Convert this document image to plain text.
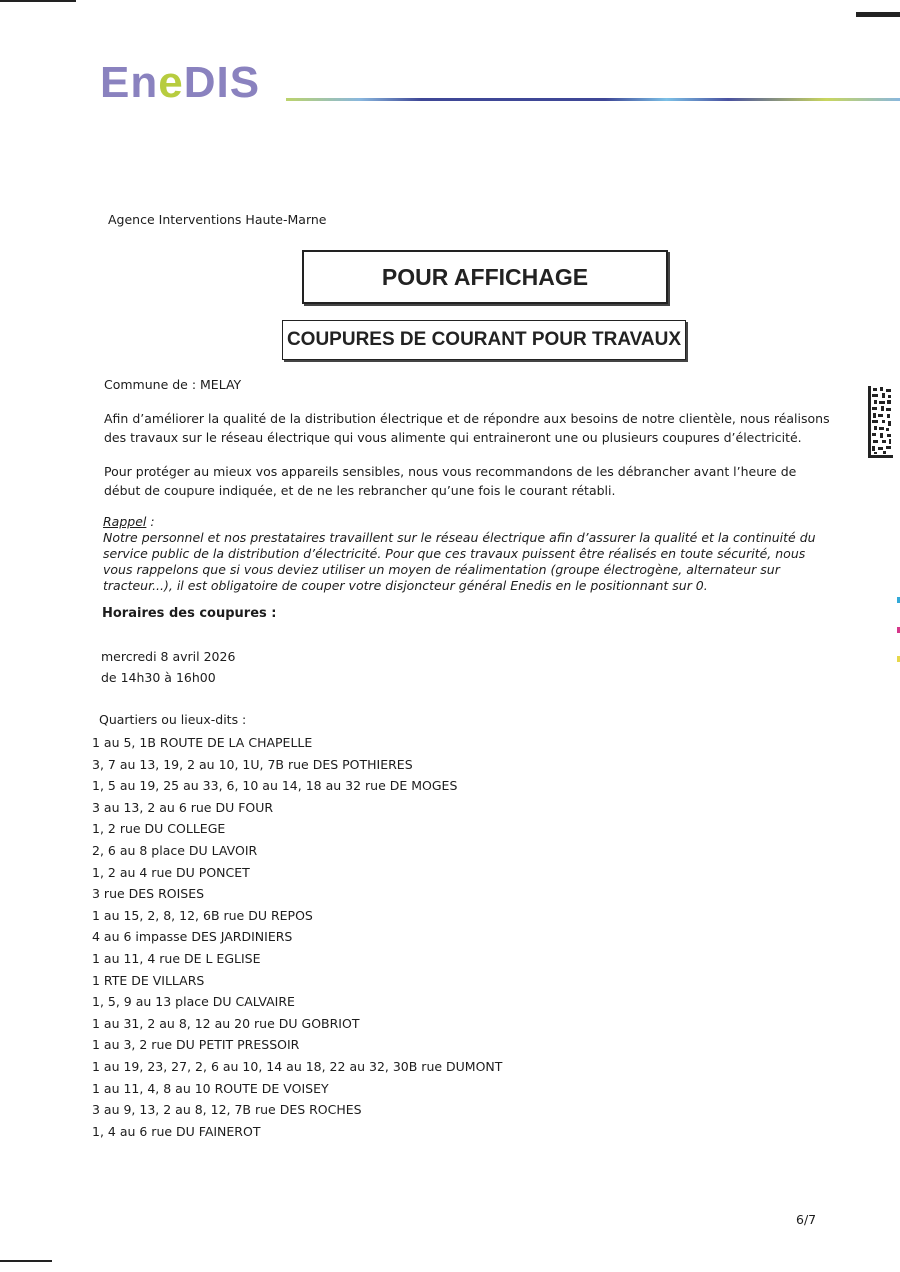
EneDIS
Agence Interventions Haute-Marne
POUR AFFICHAGE
COUPURES DE COURANT POUR TRAVAUX
Commune de : MELAY
Afin d’améliorer la qualité de la distribution électrique et de répondre aux besoins de notre clientèle, nous réalisons des travaux sur le réseau électrique qui vous alimente qui entraineront une ou plusieurs coupures d’électricité.
Pour protéger au mieux vos appareils sensibles, nous vous recommandons de les débrancher avant l’heure de début de coupure indiquée, et de ne les rebrancher qu’une fois le courant rétabli.
Rappel :
Notre personnel et nos prestataires travaillent sur le réseau électrique afin d’assurer la qualité et la continuité du service public de la distribution d’électricité. Pour que ces travaux puissent être réalisés en toute sécurité, nous vous rappelons que si vous deviez utiliser un moyen de réalimentation (groupe électrogène, alternateur sur tracteur...), il est obligatoire de couper votre disjoncteur général Enedis en le positionnant sur 0.
Horaires des coupures :
mercredi 8 avril 2026
de 14h30 à 16h00
Quartiers ou lieux-dits :
1 au 5, 1B ROUTE DE LA CHAPELLE
3, 7 au 13, 19, 2 au 10, 1U, 7B rue DES POTHIERES
1, 5 au 19, 25 au 33, 6, 10 au 14, 18 au 32 rue DE MOGES
3 au 13, 2 au 6 rue DU FOUR
1, 2 rue DU COLLEGE
2, 6 au 8 place DU LAVOIR
1, 2 au 4 rue DU PONCET
3 rue DES ROISES
1 au 15, 2, 8, 12, 6B rue DU REPOS
4 au 6 impasse DES JARDINIERS
1 au 11, 4 rue DE L EGLISE
1 RTE DE VILLARS
1, 5, 9 au 13 place DU CALVAIRE
1 au 31, 2 au 8, 12 au 20 rue DU GOBRIOT
1 au 3, 2 rue DU PETIT PRESSOIR
1 au 19, 23, 27, 2, 6 au 10, 14 au 18, 22 au 32, 30B rue DUMONT
1 au 11, 4, 8 au 10 ROUTE DE VOISEY
3 au 9, 13, 2 au 8, 12, 7B rue DES ROCHES
1, 4 au 6 rue DU FAINEROT
6/7
